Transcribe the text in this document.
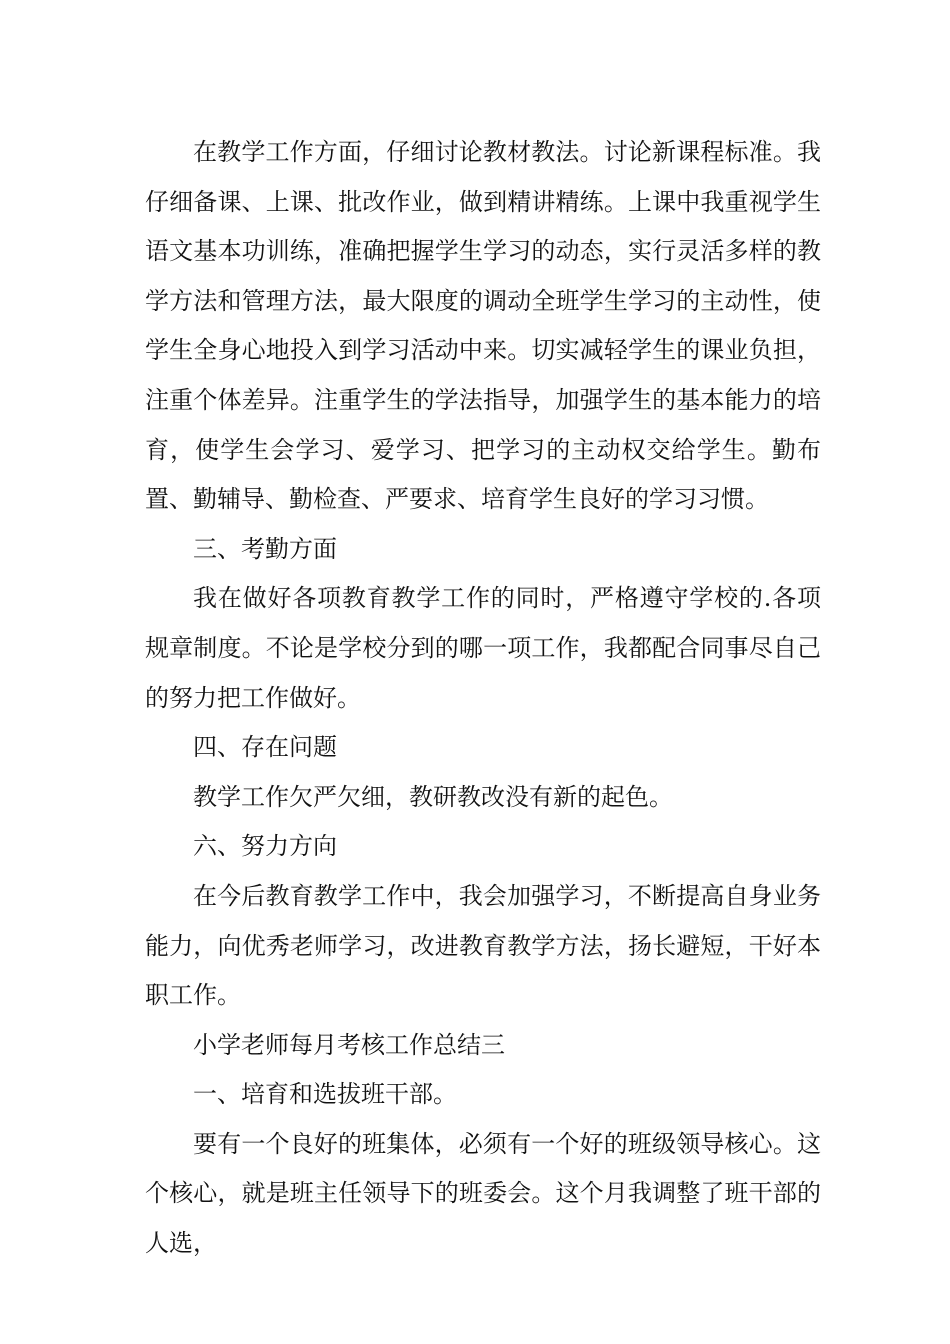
在教学工作方面，仔细讨论教材教法。讨论新课程标准。我仔细备课、上课、批改作业，做到精讲精练。上课中我重视学生语文基本功训练，准确把握学生学习的动态，实行灵活多样的教学方法和管理方法，最大限度的调动全班学生学习的主动性，使学生全身心地投入到学习活动中来。切实减轻学生的课业负担，注重个体差异。注重学生的学法指导，加强学生的基本能力的培育，使学生会学习、爱学习、把学习的主动权交给学生。勤布置、勤辅导、勤检查、严要求、培育学生良好的学习习惯。

三、考勤方面

我在做好各项教育教学工作的同时，严格遵守学校的.各项规章制度。不论是学校分到的哪一项工作，我都配合同事尽自己的努力把工作做好。

四、存在问题

教学工作欠严欠细，教研教改没有新的起色。

六、努力方向

在今后教育教学工作中，我会加强学习，不断提高自身业务能力，向优秀老师学习，改进教育教学方法，扬长避短，干好本职工作。

小学老师每月考核工作总结三

一、培育和选拔班干部。

要有一个良好的班集体，必须有一个好的班级领导核心。这个核心，就是班主任领导下的班委会。这个月我调整了班干部的人选，
